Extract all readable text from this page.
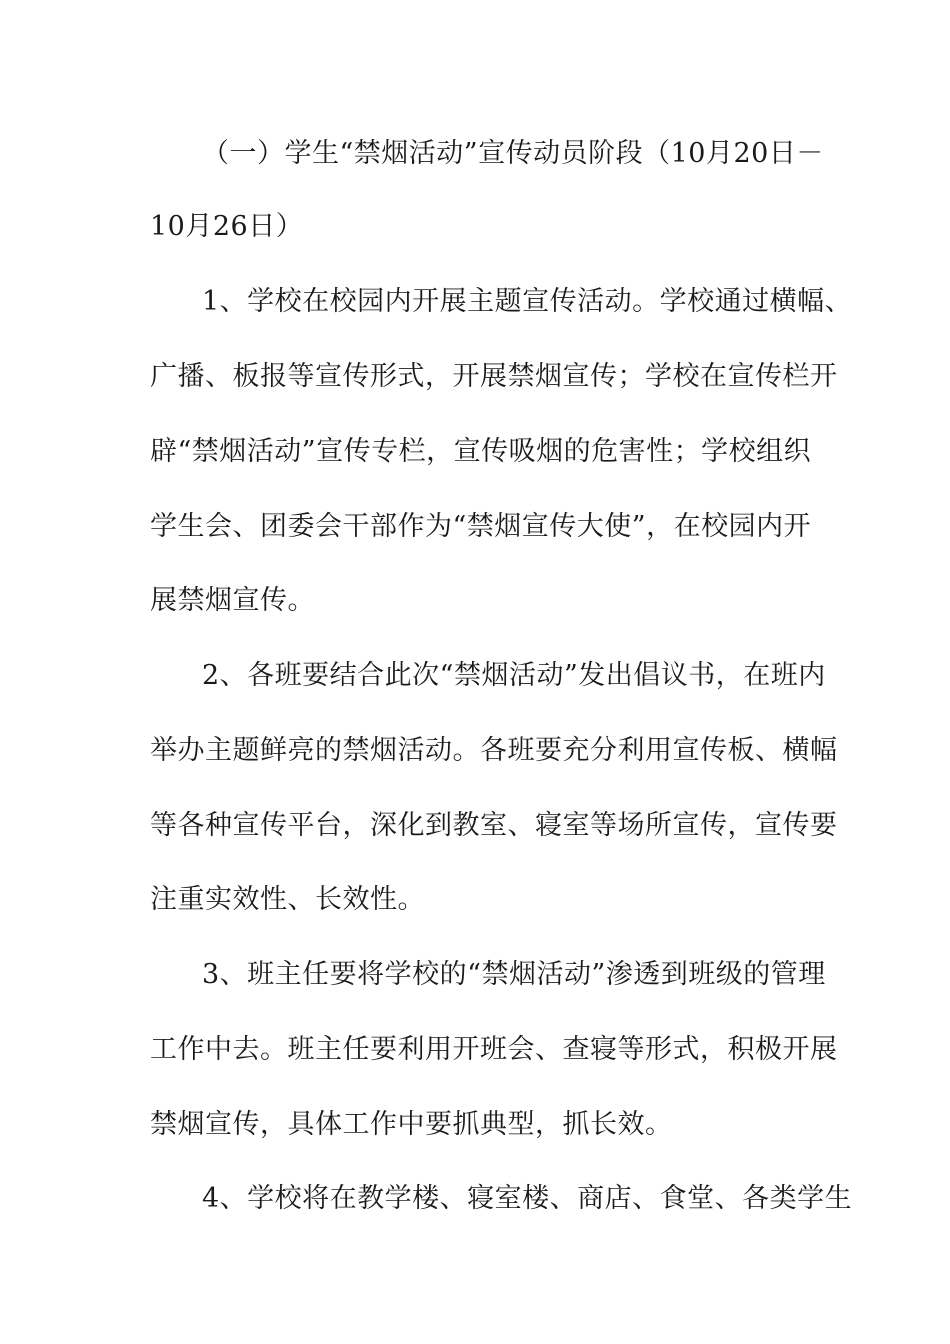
（一）学生“禁烟活动”宣传动员阶段（10月20日－
10月26日）
1、学校在校园内开展主题宣传活动。学校通过横幅、
广播、板报等宣传形式，开展禁烟宣传；学校在宣传栏开
辟“禁烟活动”宣传专栏，宣传吸烟的危害性；学校组织
学生会、团委会干部作为“禁烟宣传大使”，在校园内开
展禁烟宣传。
2、各班要结合此次“禁烟活动”发出倡议书，在班内
举办主题鲜亮的禁烟活动。各班要充分利用宣传板、横幅
等各种宣传平台，深化到教室、寝室等场所宣传，宣传要
注重实效性、长效性。
3、班主任要将学校的“禁烟活动”渗透到班级的管理
工作中去。班主任要利用开班会、查寝等形式，积极开展
禁烟宣传，具体工作中要抓典型，抓长效。
4、学校将在教学楼、寝室楼、商店、食堂、各类学生
